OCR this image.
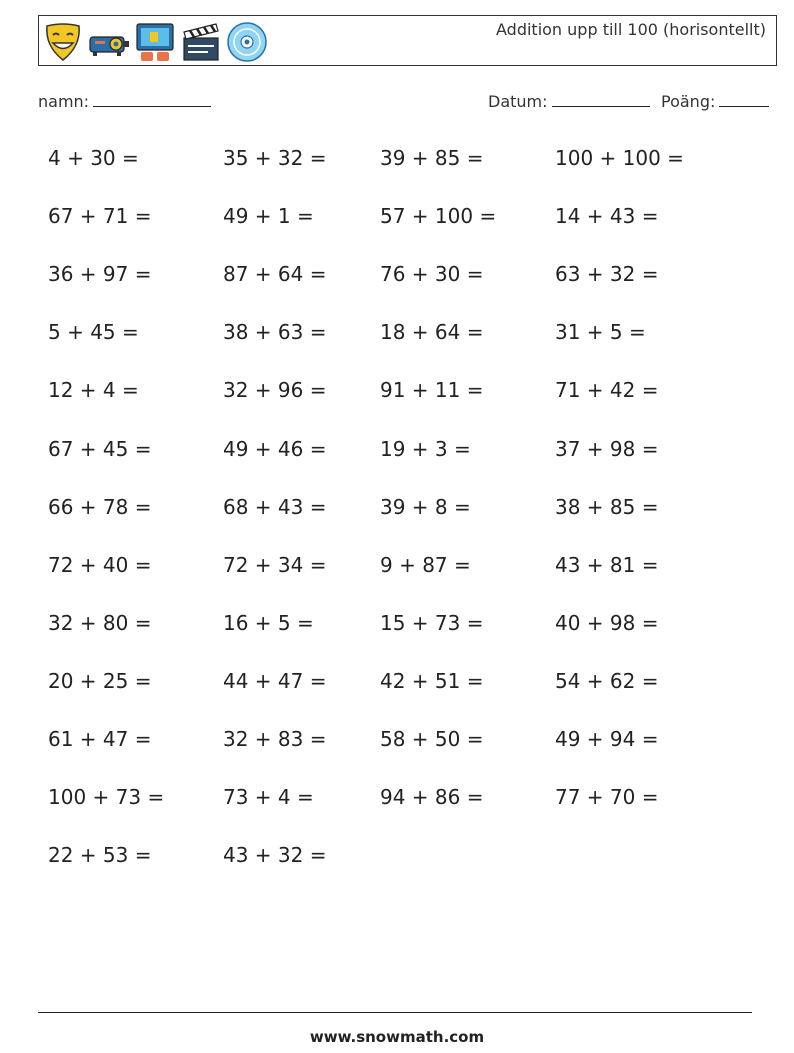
Addition upp till 100 (horisontellt)
namn:	Datum:	Poäng:
4 + 30 =	35 + 32 =	39 + 85 =	100 + 100 =
67 + 71 =	49 + 1 =	57 + 100 =	14 + 43 =
36 + 97 =	87 + 64 =	76 + 30 =	63 + 32 =
5 + 45 =	38 + 63 =	18 + 64 =	31 + 5 =
12 + 4 =	32 + 96 =	91 + 11 =	71 + 42 =
67 + 45 =	49 + 46 =	19 + 3 =	37 + 98 =
66 + 78 =	68 + 43 =	39 + 8 =	38 + 85 =
72 + 40 =	72 + 34 =	9 + 87 =	43 + 81 =
32 + 80 =	16 + 5 =	15 + 73 =	40 + 98 =
20 + 25 =	44 + 47 =	42 + 51 =	54 + 62 =
61 + 47 =	32 + 83 =	58 + 50 =	49 + 94 =
100 + 73 =	73 + 4 =	94 + 86 =	77 + 70 =
22 + 53 =	43 + 32 =
www.snowmath.com
